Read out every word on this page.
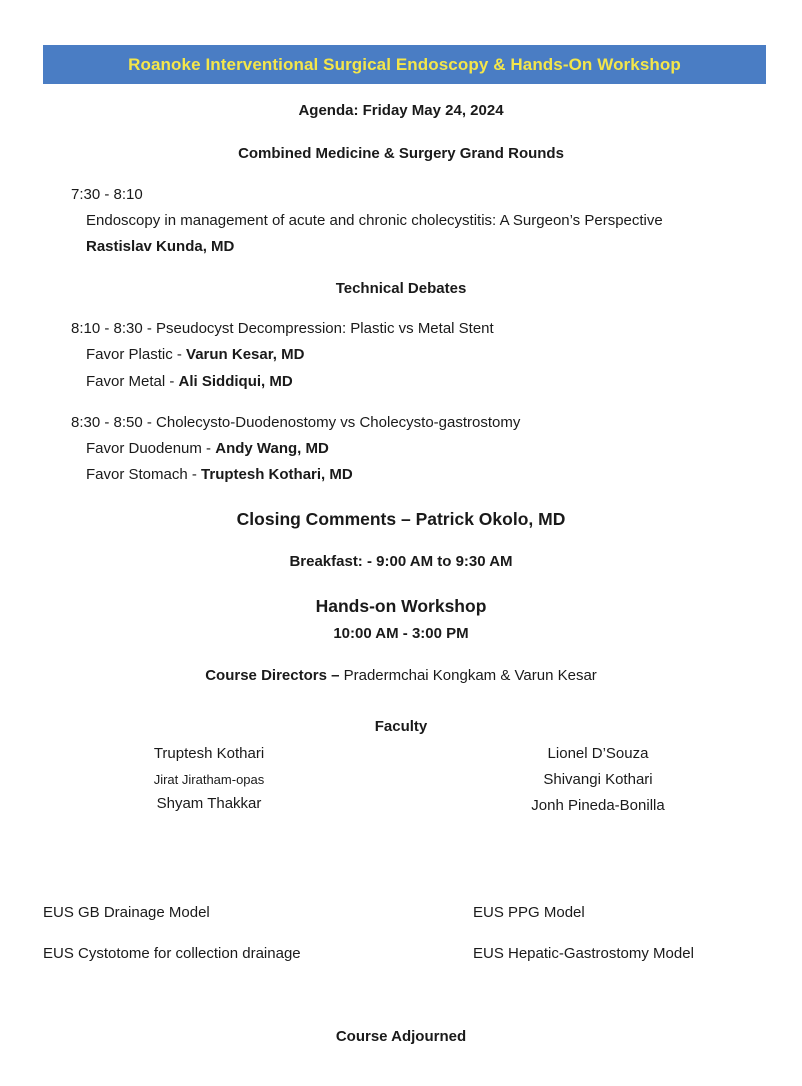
Roanoke Interventional Surgical Endoscopy & Hands-On Workshop
Agenda: Friday May 24, 2024
Combined Medicine & Surgery Grand Rounds
7:30 - 8:10
Endoscopy in management of acute and chronic cholecystitis: A Surgeon’s Perspective
Rastislav Kunda, MD
Technical Debates
8:10 - 8:30 - Pseudocyst Decompression: Plastic vs Metal Stent
Favor Plastic - Varun Kesar, MD
Favor Metal - Ali Siddiqui, MD
8:30 - 8:50 - Cholecysto-Duodenostomy vs Cholecysto-gastrostomy
Favor Duodenum - Andy Wang, MD
Favor Stomach - Truptesh Kothari, MD
Closing Comments – Patrick Okolo, MD
Breakfast: - 9:00 AM to 9:30 AM
Hands-on Workshop
10:00 AM - 3:00 PM
Course Directors – Pradermchai Kongkam & Varun Kesar
Faculty
Truptesh Kothari
Jirat Jiratham-opas
Shyam Thakkar
Lionel D’Souza
Shivangi Kothari
Jonh Pineda-Bonilla
EUS GB Drainage Model
EUS Cystotome for collection drainage
EUS PPG Model
EUS Hepatic-Gastrostomy Model
Course Adjourned
